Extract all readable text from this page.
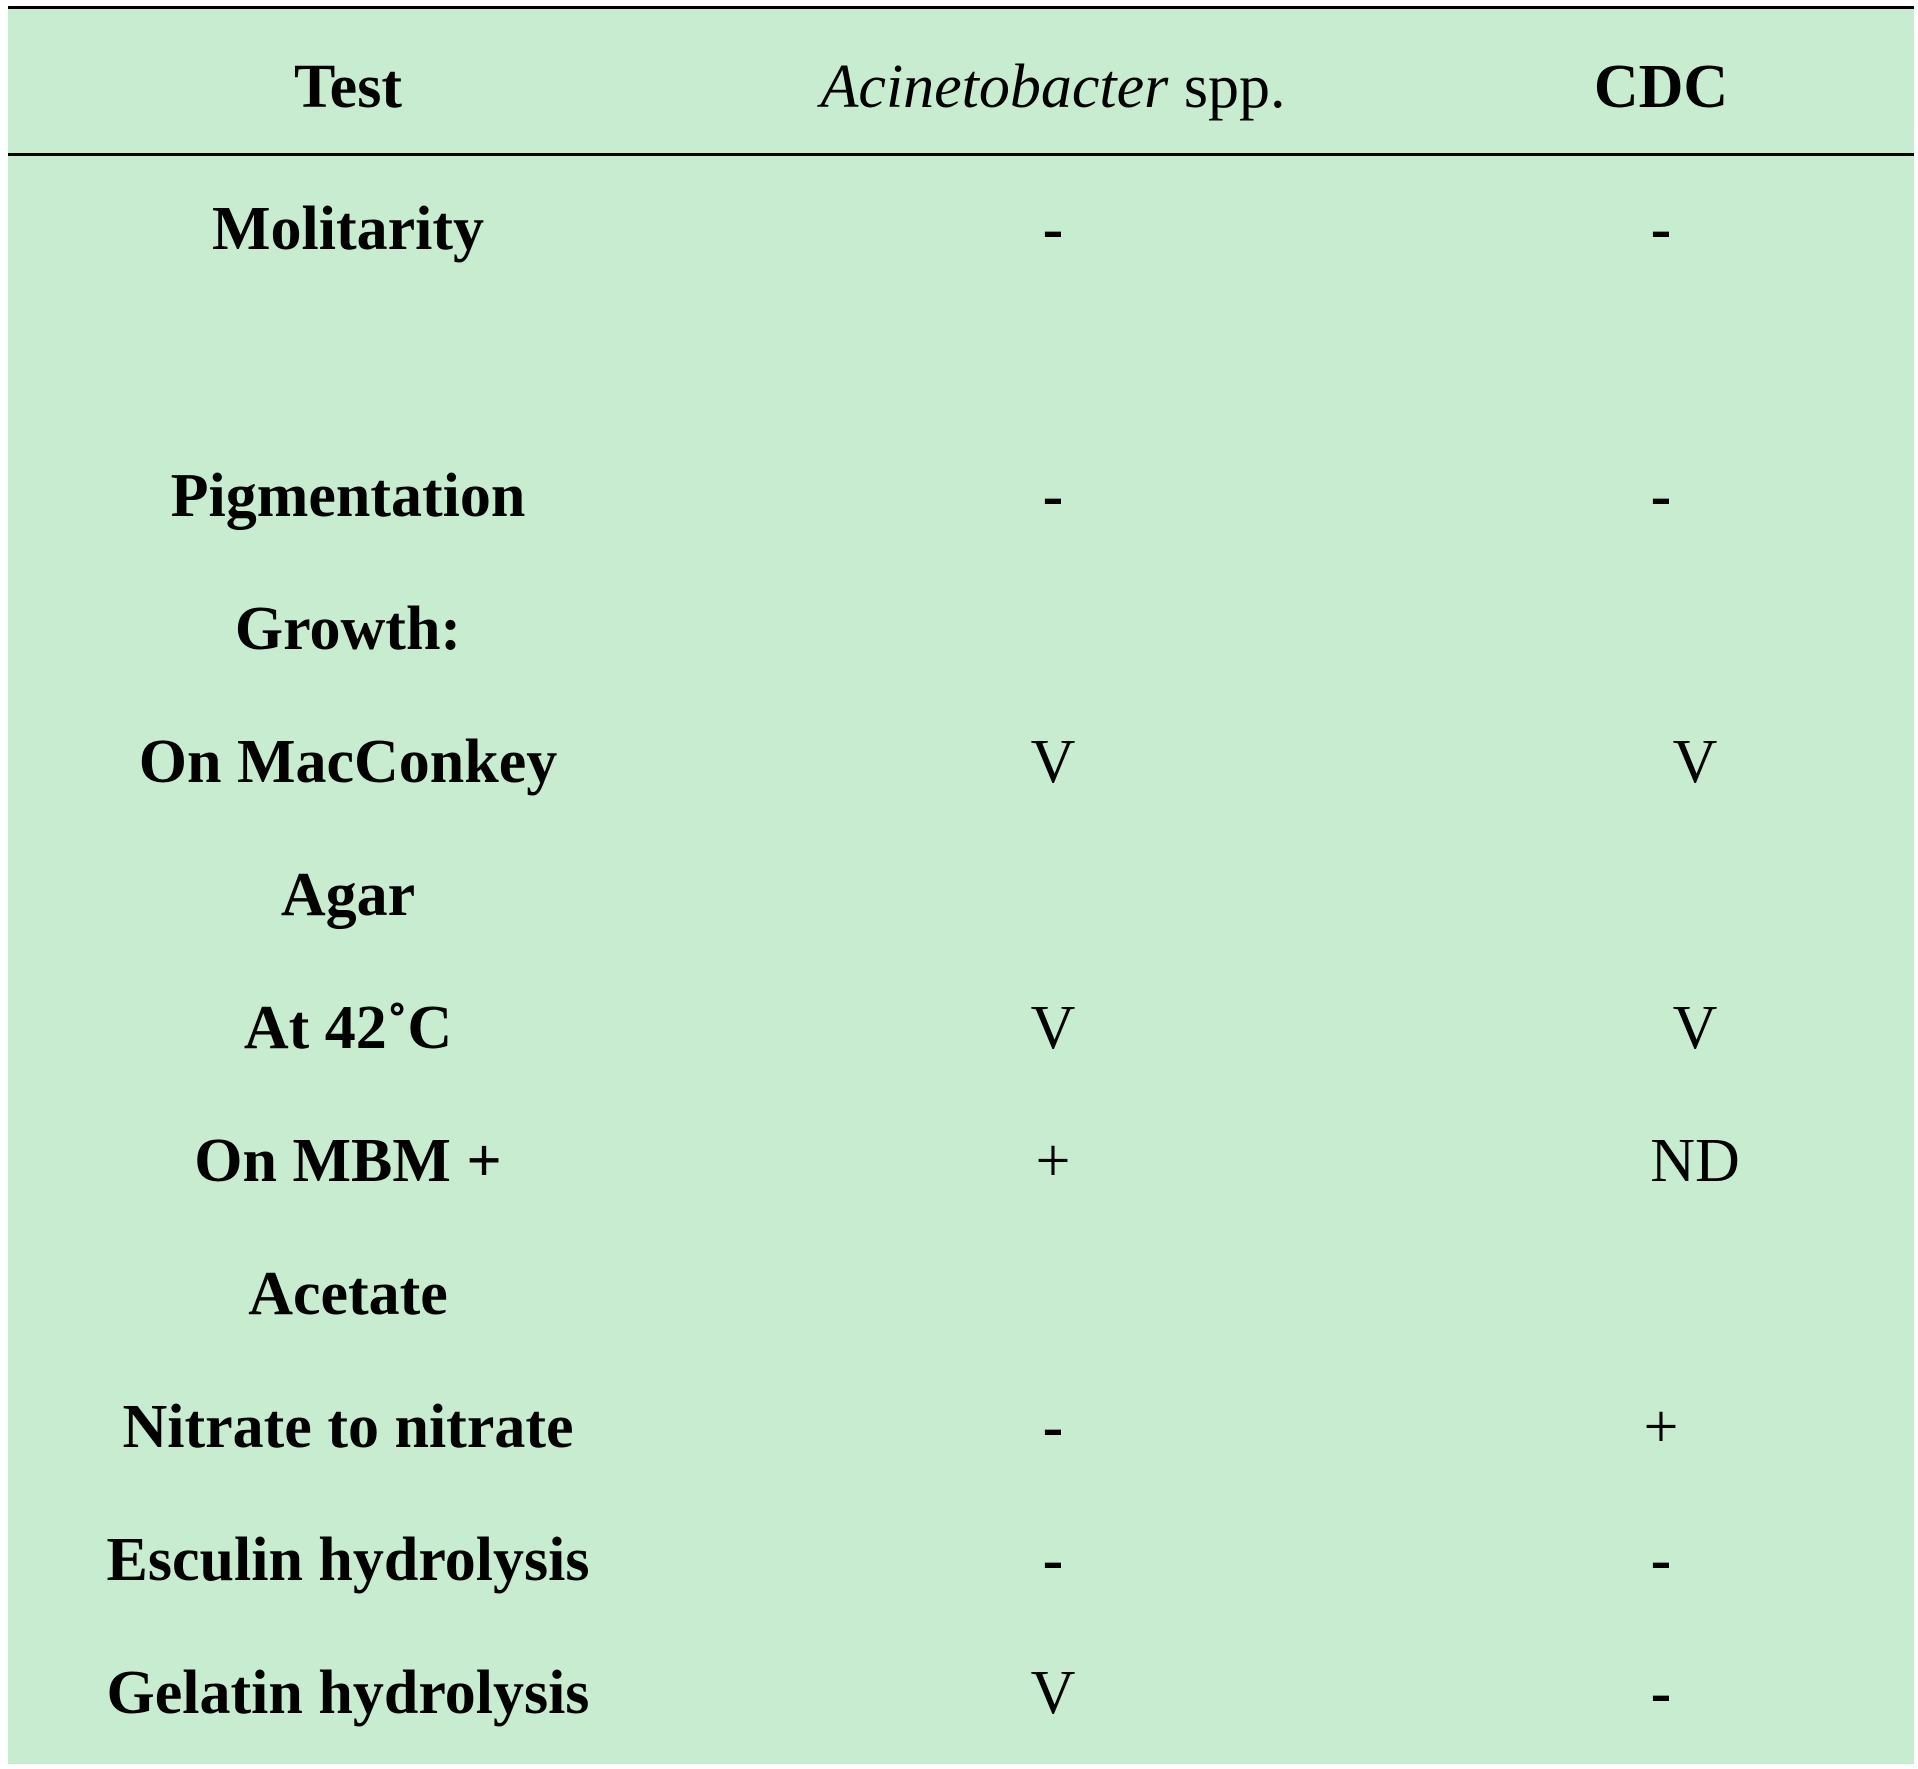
Test	Acinetobacter spp.	CDC
Molitarity	-	-
Pigmentation	-	-
Growth:
On MacConkey	V	V
Agar
At 42˚C	V	V
On MBM +	+	ND
Acetate
Nitrate to nitrate	-	+
Esculin hydrolysis	-	-
Gelatin hydrolysis	V	-
